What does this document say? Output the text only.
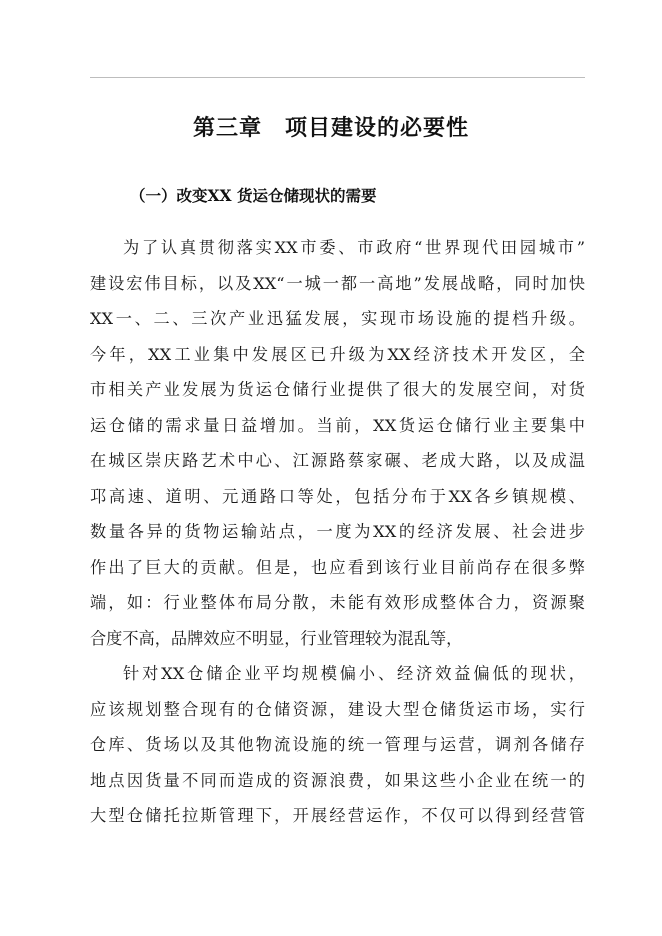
第三章　项目建设的必要性
（一）改变XX 货运仓储现状的需要
为了认真贯彻落实XX市委、市政府“世界现代田园城市”
建设宏伟目标，以及XX“一城一都一高地”发展战略，同时加快
XX一、二、三次产业迅猛发展，实现市场设施的提档升级。
今年，XX工业集中发展区已升级为XX经济技术开发区，全
市相关产业发展为货运仓储行业提供了很大的发展空间，对货
运仓储的需求量日益增加。当前，XX货运仓储行业主要集中
在城区崇庆路艺术中心、江源路蔡家碾、老成大路，以及成温
邛高速、道明、元通路口等处，包括分布于XX各乡镇规模、
数量各异的货物运输站点，一度为XX的经济发展、社会进步
作出了巨大的贡献。但是，也应看到该行业目前尚存在很多弊
端，如：行业整体布局分散，未能有效形成整体合力，资源聚
合度不高，品牌效应不明显，行业管理较为混乱等，
针对XX仓储企业平均规模偏小、经济效益偏低的现状，
应该规划整合现有的仓储资源，建设大型仓储货运市场，实行
仓库、货场以及其他物流设施的统一管理与运营，调剂各储存
地点因货量不同而造成的资源浪费，如果这些小企业在统一的
大型仓储托拉斯管理下，开展经营运作，不仅可以得到经营管
